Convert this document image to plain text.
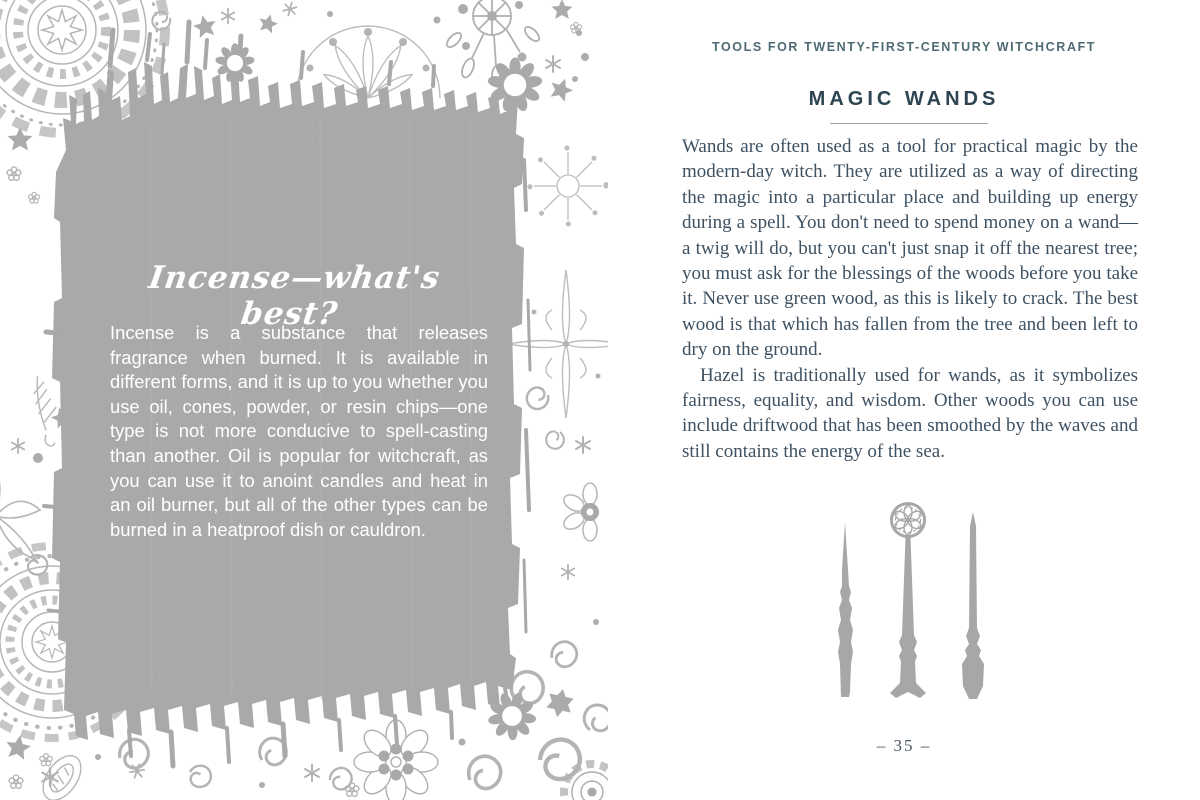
Incense—what's best?
Incense is a substance that releases fragrance when burned. It is available in different forms, and it is up to you whether you use oil, cones, powder, or resin chips—one type is not more conducive to spell-casting than another. Oil is popular for witchcraft, as you can use it to anoint candles and heat in an oil burner, but all of the other types can be burned in a heatproof dish or cauldron.
TOOLS FOR TWENTY-FIRST-CENTURY WITCHCRAFT
MAGIC WANDS

Wands are often used as a tool for practical magic by the modern-day witch. They are utilized as a way of directing the magic into a particular place and building up energy during a spell. You don't need to spend money on a wand—a twig will do, but you can't just snap it off the nearest tree; you must ask for the blessings of the woods before you take it. Never use green wood, as this is likely to crack. The best wood is that which has fallen from the tree and been left to dry on the ground.

Hazel is traditionally used for wands, as it symbolizes fairness, equality, and wisdom. Other woods you can use include driftwood that has been smoothed by the waves and still contains the energy of the sea.

– 35 –
